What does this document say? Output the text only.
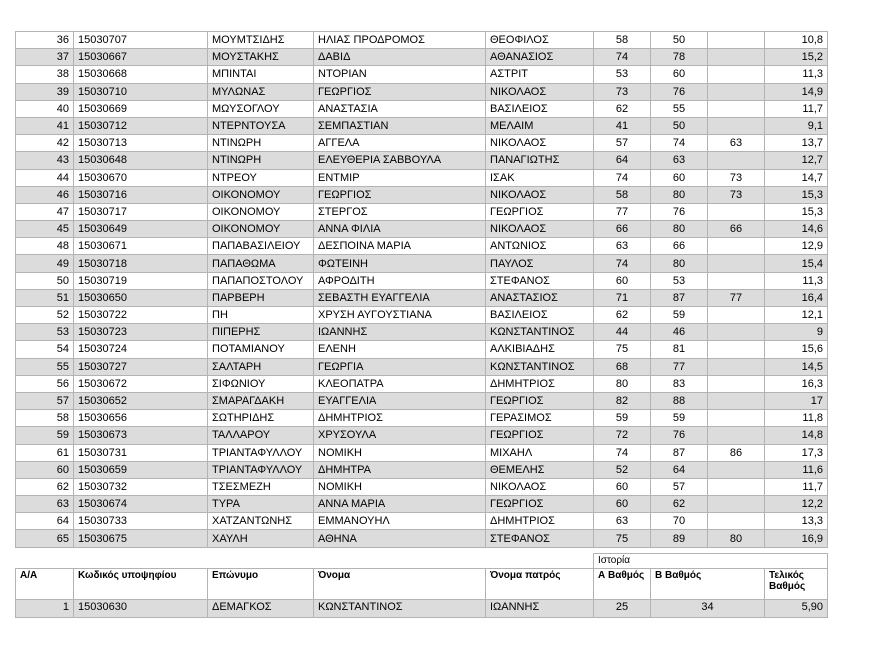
36	15030707	ΜΟΥΜΤΣΙΔΗΣ	ΗΛΙΑΣ ΠΡΟΔΡΟΜΟΣ	ΘΕΟΦΙΛΟΣ	58	50		10,8
37	15030667	ΜΟΥΣΤΑΚΗΣ	ΔΑΒΙΔ	ΑΘΑΝΑΣΙΟΣ	74	78		15,2
38	15030668	ΜΠΙΝΤΑΙ	ΝΤΟΡΙΑΝ	ΑΣΤΡΙΤ	53	60		11,3
39	15030710	ΜΥΛΩΝΑΣ	ΓΕΩΡΓΙΟΣ	ΝΙΚΟΛΑΟΣ	73	76		14,9
40	15030669	ΜΩΥΣΟΓΛΟΥ	ΑΝΑΣΤΑΣΙΑ	ΒΑΣΙΛΕΙΟΣ	62	55		11,7
41	15030712	ΝΤΕΡΝΤΟΥΣΑ	ΣΕΜΠΑΣΤΙΑΝ	ΜΕΛΑΙΜ	41	50		9,1
42	15030713	ΝΤΙΝΩΡΗ	ΑΓΓΕΛΑ	ΝΙΚΟΛΑΟΣ	57	74	63	13,7
43	15030648	ΝΤΙΝΩΡΗ	ΕΛΕΥΘΕΡΙΑ ΣΑΒΒΟΥΛΑ	ΠΑΝΑΓΙΩΤΗΣ	64	63		12,7
44	15030670	ΝΤΡΕΟΥ	ΕΝΤΜΙΡ	ΙΣΑΚ	74	60	73	14,7
46	15030716	ΟΙΚΟΝΟΜΟΥ	ΓΕΩΡΓΙΟΣ	ΝΙΚΟΛΑΟΣ	58	80	73	15,3
47	15030717	ΟΙΚΟΝΟΜΟΥ	ΣΤΕΡΓΟΣ	ΓΕΩΡΓΙΟΣ	77	76		15,3
45	15030649	ΟΙΚΟΝΟΜΟΥ	ΑΝΝΑ ΦΙΛΙΑ	ΝΙΚΟΛΑΟΣ	66	80	66	14,6
48	15030671	ΠΑΠΑΒΑΣΙΛΕΙΟΥ	ΔΕΣΠΟΙΝΑ ΜΑΡΙΑ	ΑΝΤΩΝΙΟΣ	63	66		12,9
49	15030718	ΠΑΠΑΘΩΜΑ	ΦΩΤΕΙΝΗ	ΠΑΥΛΟΣ	74	80		15,4
50	15030719	ΠΑΠΑΠΟΣΤΟΛΟΥ	ΑΦΡΟΔΙΤΗ	ΣΤΕΦΑΝΟΣ	60	53		11,3
51	15030650	ΠΑΡΒΕΡΗ	ΣΕΒΑΣΤΗ ΕΥΑΓΓΕΛΙΑ	ΑΝΑΣΤΑΣΙΟΣ	71	87	77	16,4
52	15030722	ΠΗ	ΧΡΥΣΗ ΑΥΓΟΥΣΤΙΑΝΑ	ΒΑΣΙΛΕΙΟΣ	62	59		12,1
53	15030723	ΠΙΠΕΡΗΣ	ΙΩΑΝΝΗΣ	ΚΩΝΣΤΑΝΤΙΝΟΣ	44	46		9
54	15030724	ΠΟΤΑΜΙΑΝΟΥ	ΕΛΕΝΗ	ΑΛΚΙΒΙΑΔΗΣ	75	81		15,6
55	15030727	ΣΑΛΤΑΡΗ	ΓΕΩΡΓΙΑ	ΚΩΝΣΤΑΝΤΙΝΟΣ	68	77		14,5
56	15030672	ΣΙΦΩΝΙΟΥ	ΚΛΕΟΠΑΤΡΑ	ΔΗΜΗΤΡΙΟΣ	80	83		16,3
57	15030652	ΣΜΑΡΑΓΔΑΚΗ	ΕΥΑΓΓΕΛΙΑ	ΓΕΩΡΓΙΟΣ	82	88		17
58	15030656	ΣΩΤΗΡΙΔΗΣ	ΔΗΜΗΤΡΙΟΣ	ΓΕΡΑΣΙΜΟΣ	59	59		11,8
59	15030673	ΤΑΛΛΑΡΟΥ	ΧΡΥΣΟΥΛΑ	ΓΕΩΡΓΙΟΣ	72	76		14,8
61	15030731	ΤΡΙΑΝΤΑΦΥΛΛΟΥ	ΝΟΜΙΚΗ	ΜΙΧΑΗΛ	74	87	86	17,3
60	15030659	ΤΡΙΑΝΤΑΦΥΛΛΟΥ	ΔΗΜΗΤΡΑ	ΘΕΜΕΛΗΣ	52	64		11,6
62	15030732	ΤΣΕΣΜΕΖΗ	ΝΟΜΙΚΗ	ΝΙΚΟΛΑΟΣ	60	57		11,7
63	15030674	ΤΥΡΑ	ΑΝΝΑ ΜΑΡΙΑ	ΓΕΩΡΓΙΟΣ	60	62		12,2
64	15030733	ΧΑΤΖΑΝΤΩΝΗΣ	ΕΜΜΑΝΟΥΗΛ	ΔΗΜΗΤΡΙΟΣ	63	70		13,3
65	15030675	ΧΑΥΛΗ	ΑΘΗΝΑ	ΣΤΕΦΑΝΟΣ	75	89	80	16,9
					Ιστορία		
Α/Α	Κωδικός υποψηφίου	Επώνυμο	Όνομα	Όνομα πατρός	Α Βαθμός	Β Βαθμός	Τελικός
Βαθμός
1	15030630	ΔΕΜΑΓΚΟΣ	ΚΩΝΣΤΑΝΤΙΝΟΣ	ΙΩΑΝΝΗΣ	25	34	5,90
